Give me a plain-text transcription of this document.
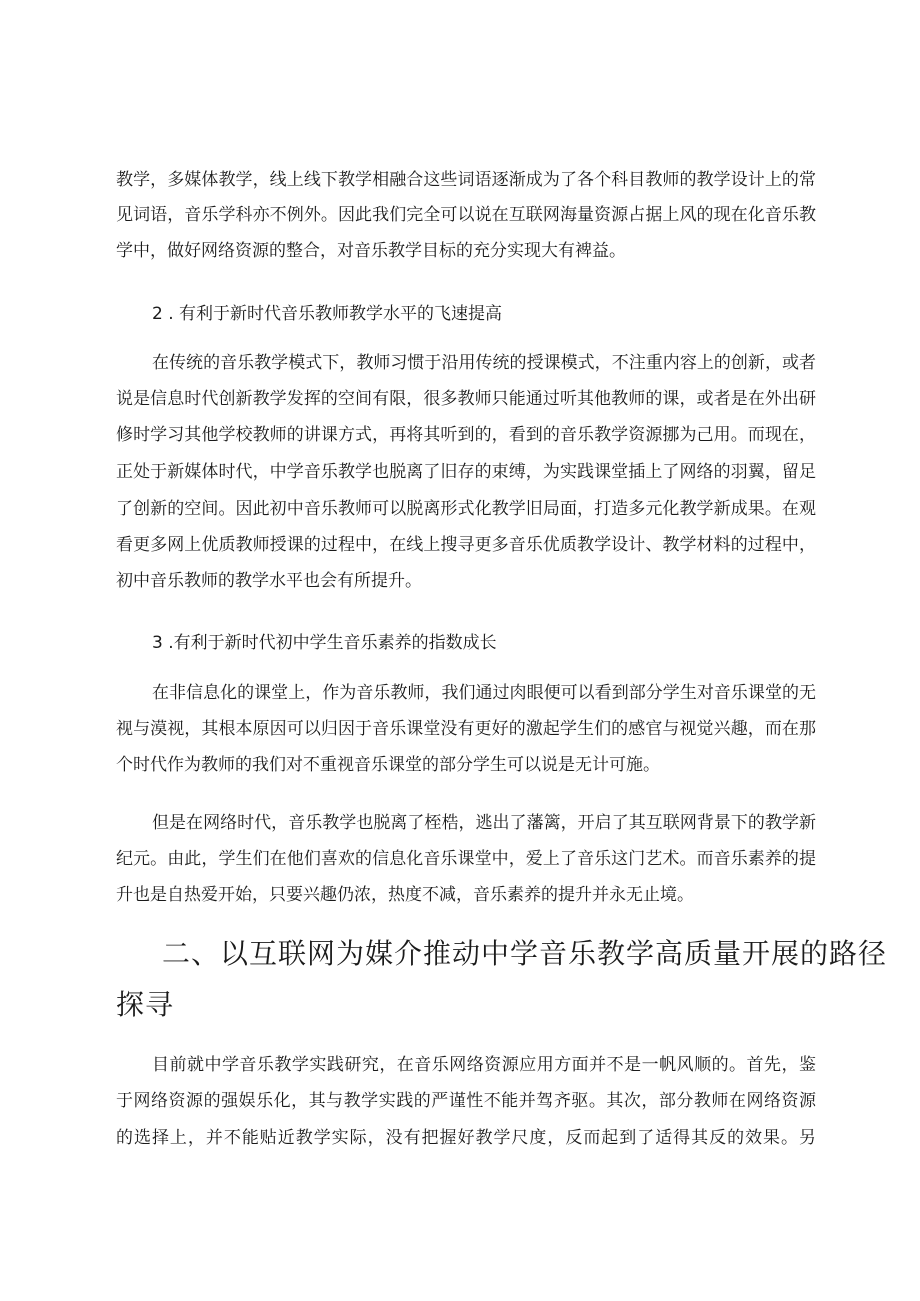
教学，多媒体教学，线上线下教学相融合这些词语逐渐成为了各个科目教师的教学设计上的常
见词语，音乐学科亦不例外。因此我们完全可以说在互联网海量资源占据上风的现在化音乐教
学中，做好网络资源的整合，对音乐教学目标的充分实现大有裨益。
2 . 有利于新时代音乐教师教学水平的飞速提高
在传统的音乐教学模式下，教师习惯于沿用传统的授课模式，不注重内容上的创新，或者
说是信息时代创新教学发挥的空间有限，很多教师只能通过听其他教师的课，或者是在外出研
修时学习其他学校教师的讲课方式，再将其听到的，看到的音乐教学资源挪为己用。而现在，
正处于新媒体时代，中学音乐教学也脱离了旧存的束缚，为实践课堂插上了网络的羽翼，留足
了创新的空间。因此初中音乐教师可以脱离形式化教学旧局面，打造多元化教学新成果。在观
看更多网上优质教师授课的过程中，在线上搜寻更多音乐优质教学设计、教学材料的过程中，
初中音乐教师的教学水平也会有所提升。
3 .有利于新时代初中学生音乐素养的指数成长
在非信息化的课堂上，作为音乐教师，我们通过肉眼便可以看到部分学生对音乐课堂的无
视与漠视，其根本原因可以归因于音乐课堂没有更好的激起学生们的感官与视觉兴趣，而在那
个时代作为教师的我们对不重视音乐课堂的部分学生可以说是无计可施。
但是在网络时代，音乐教学也脱离了桎梏，逃出了藩篱，开启了其互联网背景下的教学新
纪元。由此，学生们在他们喜欢的信息化音乐课堂中，爱上了音乐这门艺术。而音乐素养的提
升也是自热爱开始，只要兴趣仍浓，热度不减，音乐素养的提升并永无止境。
二、以互联网为媒介推动中学音乐教学高质量开展的路径
探寻
目前就中学音乐教学实践研究，在音乐网络资源应用方面并不是一帆风顺的。首先，鉴
于网络资源的强娱乐化，其与教学实践的严谨性不能并驾齐驱。其次，部分教师在网络资源
的选择上，并不能贴近教学实际，没有把握好教学尺度，反而起到了适得其反的效果。另
